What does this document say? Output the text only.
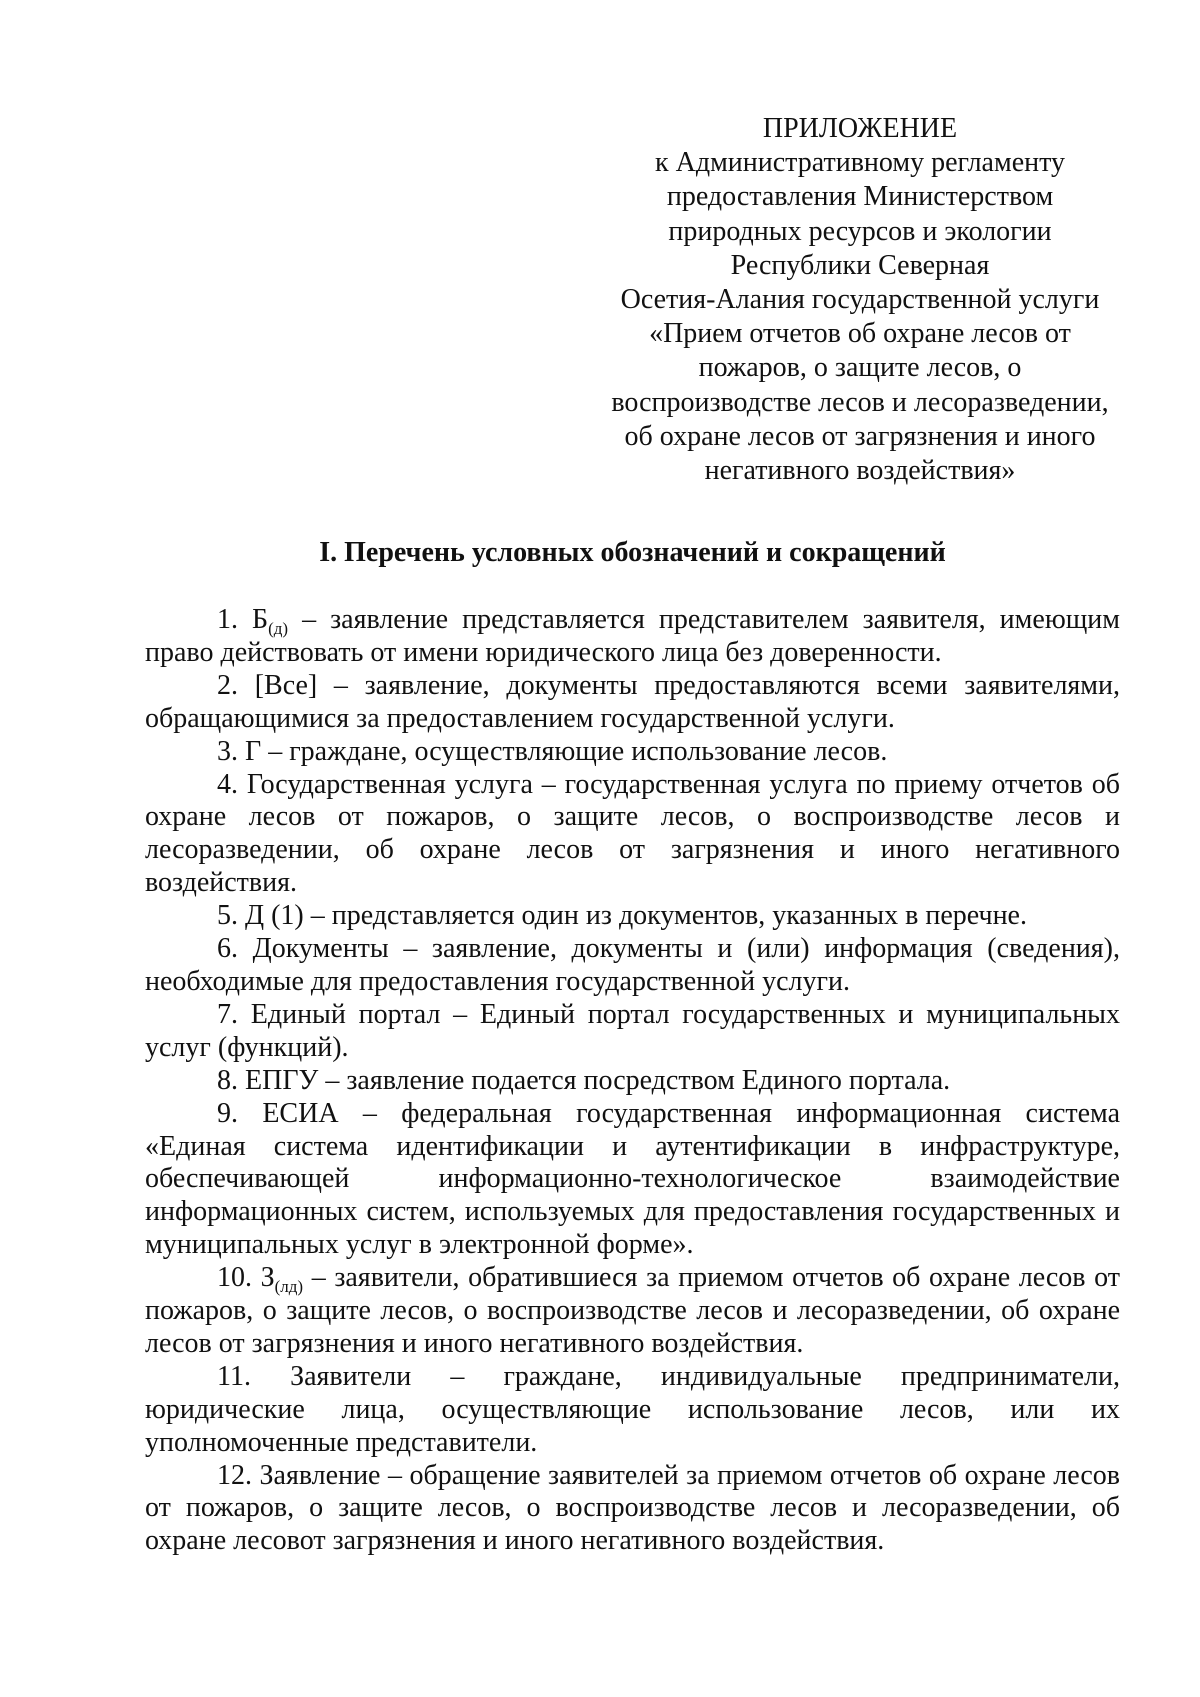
ПРИЛОЖЕНИЕ
к Административному регламенту
предоставления Министерством
природных ресурсов и экологии
Республики Северная
Осетия-Алания государственной услуги
«Прием отчетов об охране лесов от
пожаров, о защите лесов, о
воспроизводстве лесов и лесоразведении,
об охране лесов от загрязнения и иного
негативного воздействия»
I. Перечень условных обозначений и сокращений

1. $Б_{(д)}$ – заявление представляется представителем заявителя, имеющим право действовать от имени юридического лица без доверенности.

2. [Все] – заявление, документы предоставляются всеми заявителями, обращающимися за предоставлением государственной услуги.

3. Г – граждане, осуществляющие использование лесов.

4. Государственная услуга – государственная услуга по приему отчетов об охране лесов от пожаров, о защите лесов, о воспроизводстве лесов и лесоразведении, об охране лесов от загрязнения и иного негативного воздействия.

5. Д (1) – представляется один из документов, указанных в перечне.

6. Документы – заявление, документы и (или) информация (сведения), необходимые для предоставления государственной услуги.

7. Единый портал – Единый портал государственных и муниципальных услуг (функций).

8. ЕПГУ – заявление подается посредством Единого портала.

9. ЕСИА – федеральная государственная информационная система «Единая система идентификации и аутентификации в инфраструктуре, обеспечивающей информационно-технологическое взаимодействие информационных систем, используемых для предоставления государственных и муниципальных услуг в электронной форме».

10. $З_{(лд)}$ – заявители, обратившиеся за приемом отчетов об охране лесов от пожаров, о защите лесов, о воспроизводстве лесов и лесоразведении, об охране лесов от загрязнения и иного негативного воздействия.

11. Заявители – граждане, индивидуальные предприниматели, юридические лица, осуществляющие использование лесов, или их уполномоченные представители.

12. Заявление – обращение заявителей за приемом отчетов об охране лесов от пожаров, о защите лесов, о воспроизводстве лесов и лесоразведении, об охране лесовот загрязнения и иного негативного воздействия.
